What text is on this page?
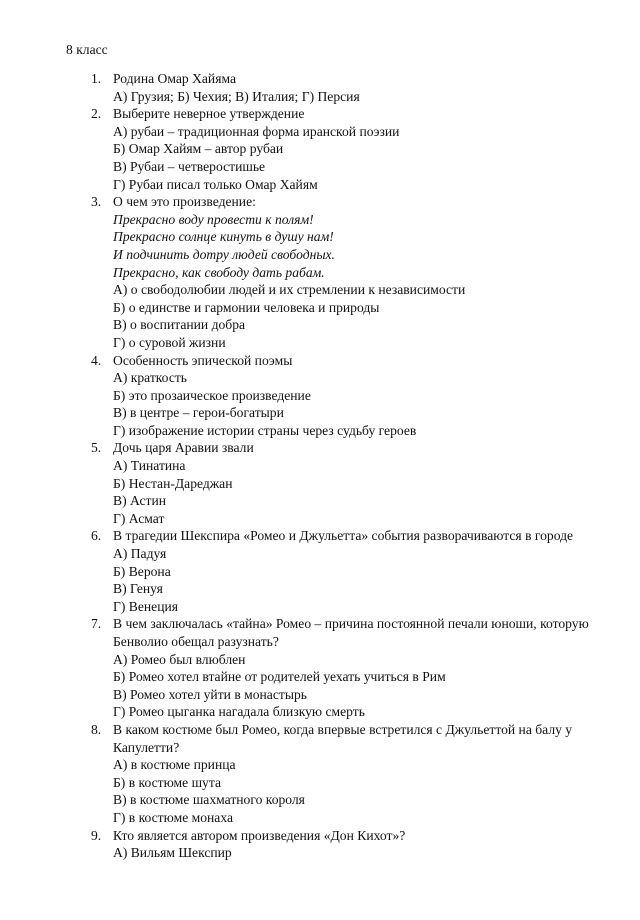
8 класс
1. Родина Омар Хайяма
А) Грузия; Б) Чехия; В) Италия; Г) Персия
2. Выберите неверное утверждение
А) рубаи – традиционная форма иранской поэзии
Б) Омар Хайям – автор рубаи
В) Рубаи – четверостишье
Г) Рубаи писал только Омар Хайям
3. О чем это произведение:
Прекрасно воду провести к полям!
Прекрасно солнце кинуть в душу нам!
И подчинить дотру людей свободных.
Прекрасно, как свободу дать рабам.
А) о свободолюбии людей и их стремлении к независимости
Б) о единстве и гармонии человека и природы
В) о воспитании добра
Г) о суровой жизни
4. Особенность эпической поэмы
А) краткость
Б) это прозаическое произведение
В) в центре – герои-богатыри
Г) изображение истории страны через судьбу героев
5. Дочь царя Аравии звали
А) Тинатина
Б) Нестан-Дареджан
В) Астин
Г) Асмат
6. В трагедии Шекспира «Ромео и Джульетта» события разворачиваются в городе
А) Падуя
Б) Верона
В) Генуя
Г) Венеция
7. В чем заключалась «тайна» Ромео – причина постоянной печали юноши, которую Бенволио обещал разузнать?
А) Ромео был влюблен
Б) Ромео хотел втайне от родителей уехать учиться в Рим
В) Ромео хотел уйти в монастырь
Г) Ромео цыганка нагадала близкую смерть
8. В каком костюме был Ромео, когда впервые встретился с Джульеттой на балу у Капулетти?
А) в костюме принца
Б) в костюме шута
В) в костюме шахматного короля
Г) в костюме монаха
9. Кто является автором произведения «Дон Кихот»?
А) Вильям Шекспир
